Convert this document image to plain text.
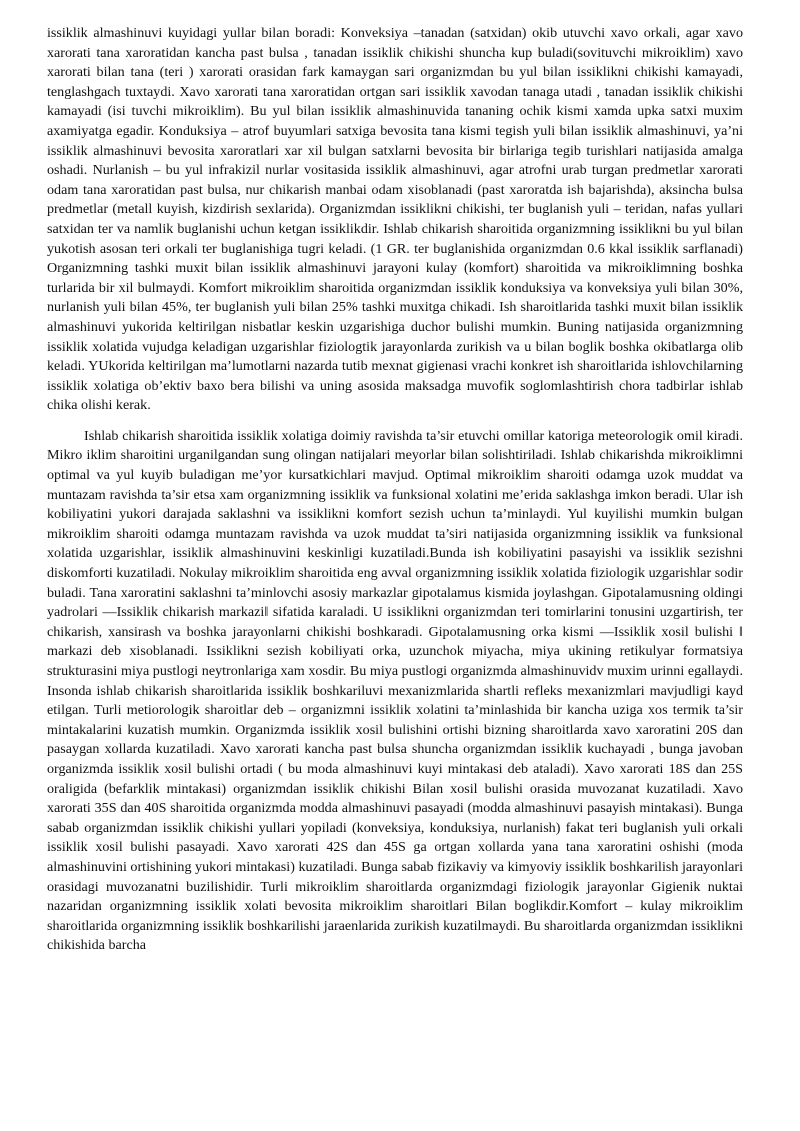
issiklik almashinuvi kuyidagi yullar bilan boradi: Konveksiya –tanadan (satxidan) okib utuvchi xavo orkali, agar xavo xarorati tana xaroratidan kancha past bulsa , tanadan issiklik chikishi shuncha kup buladi(sovituvchi mikroiklim) xavo xarorati bilan tana (teri ) xarorati orasidan fark kamaygan sari organizmdan bu yul bilan issiklikni chikishi kamayadi, tenglashgach tuxtaydi. Xavo xarorati tana xaroratidan ortgan sari issiklik xavodan tanaga utadi , tanadan issiklik chikishi kamayadi (isi tuvchi mikroiklim). Bu yul bilan issiklik almashinuvida tananing ochik kismi xamda upka satxi muxim axamiyatga egadir. Konduksiya – atrof buyumlari satxiga bevosita tana kismi tegish yuli bilan issiklik almashinuvi, ya’ni issiklik almashinuvi bevosita xaroratlari xar xil bulgan satxlarni bevosita bir birlariga tegib turishlari natijasida amalga oshadi. Nurlanish – bu yul infrakizil nurlar vositasida issiklik almashinuvi, agar atrofni urab turgan predmetlar xarorati odam tana xaroratidan past bulsa, nur chikarish manbai odam xisoblanadi (past xaroratda ish bajarishda), aksincha bulsa predmetlar (metall kuyish, kizdirish sexlarida). Organizmdan issiklikni chikishi, ter buglanish yuli – teridan, nafas yullari satxidan ter va namlik buglanishi uchun ketgan issiklikdir. Ishlab chikarish sharoitida organizmning issiklikni bu yul bilan yukotish asosan teri orkali ter buglanishiga tugri keladi. (1 GR. ter buglanishida organizmdan 0.6 kkal issiklik sarflanadi) Organizmning tashki muxit bilan issiklik almashinuvi jarayoni kulay (komfort) sharoitida va mikroiklimning boshka turlarida bir xil bulmaydi. Komfort mikroiklim sharoitida organizmdan issiklik konduksiya va konveksiya yuli bilan 30%, nurlanish yuli bilan 45%, ter buglanish yuli bilan 25% tashki muxitga chikadi. Ish sharoitlarida tashki muxit bilan issiklik almashinuvi yukorida keltirilgan nisbatlar keskin uzgarishiga duchor bulishi mumkin. Buning natijasida organizmning issiklik xolatida vujudga keladigan uzgarishlar fiziologtik jarayonlarda zurikish va u bilan boglik boshka okibatlarga olib keladi. YUkorida keltirilgan ma’lumotlarni nazarda tutib mexnat gigienasi vrachi konkret ish sharoitlarida ishlovchilarning issiklik xolatiga ob’ektiv baxo bera bilishi va uning asosida maksadga muvofik soglomlashtirish chora tadbirlar ishlab chika olishi kerak.

Ishlab chikarish sharoitida issiklik xolatiga doimiy ravishda ta’sir etuvchi omillar katoriga meteorologik omil kiradi. Mikro iklim sharoitini urganilgandan sung olingan natijalari meyorlar bilan solishtiriladi. Ishlab chikarishda mikroiklimni optimal va yul kuyib buladigan me’yor kursatkichlari mavjud. Optimal mikroiklim sharoiti odamga uzok muddat va muntazam ravishda ta’sir etsa xam organizmning issiklik va funksional xolatini me’erida saklashga imkon beradi. Ular ish kobiliyatini yukori darajada saklashni va issiklikni komfort sezish uchun ta’minlaydi. Yul kuyilishi mumkin bulgan mikroiklim sharoiti odamga muntazam ravishda va uzok muddat ta’siri natijasida organizmning issiklik va funksional xolatida uzgarishlar, issiklik almashinuvini keskinligi kuzatiladi.Bunda ish kobiliyatini pasayishi va issiklik sezishni diskomforti kuzatiladi. Nokulay mikroiklim sharoitida eng avval organizmning issiklik xolatida fiziologik uzgarishlar sodir buladi. Tana xaroratini saklashni ta’minlovchi asosiy markazlar gipotalamus kismida joylashgan. Gipotalamusning oldingi yadrolari ―Issiklik chikarish markazi‖ sifatida karaladi. U issiklikni organizmdan teri tomirlarini tonusini uzgartirish, ter chikarish, xansirash va boshka jarayonlarni chikishi boshkaradi. Gipotalamusning orka kismi ―Issiklik xosil bulishi ‖ markazi deb xisoblanadi. Issiklikni sezish kobiliyati orka, uzunchok miyacha, miya ukining retikulyar formatsiya strukturasini miya pustlogi neytronlariga xam xosdir. Bu miya pustlogi organizmda almashinuvidv muxim urinni egallaydi. Insonda ishlab chikarish sharoitlarida issiklik boshkariluvi mexanizmlarida shartli refleks mexanizmlari mavjudligi kayd etilgan. Turli metiorologik sharoitlar deb – organizmni issiklik xolatini ta’minlashida bir kancha uziga xos termik ta’sir mintakalarini kuzatish mumkin. Organizmda issiklik xosil bulishini ortishi bizning sharoitlarda xavo xaroratini 20S dan pasaygan xollarda kuzatiladi. Xavo xarorati kancha past bulsa shuncha organizmdan issiklik kuchayadi , bunga javoban organizmda issiklik xosil bulishi ortadi ( bu moda almashinuvi kuyi mintakasi deb ataladi). Xavo xarorati 18S dan 25S oraligida (befarklik mintakasi) organizmdan issiklik chikishi Bilan xosil bulishi orasida muvozanat kuzatiladi. Xavo xarorati 35S dan 40S sharoitida organizmda modda almashinuvi pasayadi (modda almashinuvi pasayish mintakasi). Bunga sabab organizmdan issiklik chikishi yullari yopiladi (konveksiya, konduksiya, nurlanish) fakat teri buglanish yuli orkali issiklik xosil bulishi pasayadi. Xavo xarorati 42S dan 45S ga ortgan xollarda yana tana xaroratini oshishi (moda almashinuvini ortishining yukori mintakasi) kuzatiladi. Bunga sabab fizikaviy va kimyoviy issiklik boshkarilish jarayonlari orasidagi muvozanatni buzilishidir. Turli mikroiklim sharoitlarda organizmdagi fiziologik jarayonlar Gigienik nuktai nazaridan organizmning issiklik xolati bevosita mikroiklim sharoitlari Bilan boglikdir.Komfort – kulay mikroiklim sharoitlarida organizmning issiklik boshkarilishi jaraenlarida zurikish kuzatilmaydi. Bu sharoitlarda organizmdan issiklikni chikishida barcha
